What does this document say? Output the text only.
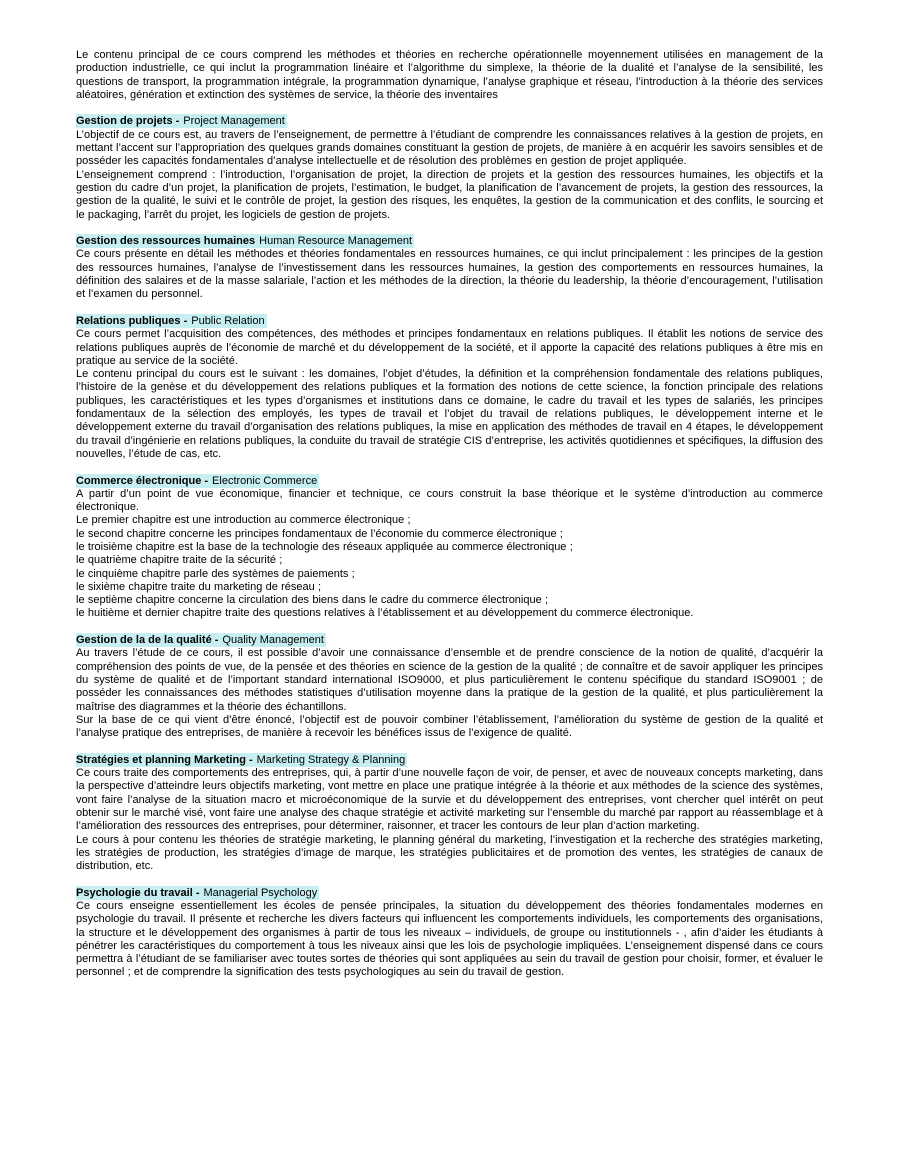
Le contenu principal de ce cours comprend les méthodes et théories en recherche opérationnelle moyennement utilisées en management de la production industrielle, ce qui inclut la programmation linéaire et l’algorithme du simplexe, la théorie de la dualité et l’analyse de la sensibilité, les questions de transport, la programmation intégrale, la programmation dynamique, l’analyse graphique et réseau, l’introduction à la théorie des services aléatoires, génération et extinction des systèmes de service, la théorie des inventaires

Gestion de projets - Project Management

L’objectif de ce cours est, au travers de l’enseignement, de permettre à l’étudiant de comprendre les connaissances relatives à la gestion de projets, en mettant l’accent sur l’appropriation des quelques grands domaines constituant la gestion de projets, de manière à en acquérir les savoirs sensibles et de posséder les capacités fondamentales d’analyse intellectuelle et de résolution des problèmes en gestion de projet appliquée.

L’enseignement comprend : l’introduction, l’organisation de projet, la direction de projets et la gestion des ressources humaines, les objectifs et la gestion du cadre d’un projet, la planification de projets, l’estimation, le budget, la planification de l’avancement de projets, la gestion des ressources, la gestion de la qualité, le suivi et le contrôle de projet, la gestion des risques, les enquêtes, la gestion de la communication et des conflits, le sourcing et le packaging, l’arrêt du projet, les logiciels de gestion de projets.

Gestion des ressources humaines Human Resource Management

Ce cours présente en détail les méthodes et théories fondamentales en ressources humaines, ce qui inclut principalement : les principes de la gestion des ressources humaines, l’analyse de l’investissement dans les ressources humaines, la gestion des comportements en ressources humaines, la définition des salaires et de la masse salariale, l’action et les méthodes de la direction, la théorie du leadership, la théorie d’encouragement, l’utilisation et l’examen du personnel.

Relations publiques - Public Relation

Ce cours permet l’acquisition des compétences, des méthodes et principes fondamentaux en relations publiques. Il établit les notions de service des relations publiques auprès de l’économie de marché et du développement de la société, et il apporte la capacité des relations publiques à être mis en pratique au service de la société.

Le contenu principal du cours est le suivant : les domaines, l’objet d’études, la définition et la compréhension fondamentale des relations publiques, l’histoire de la genèse et du développement des relations publiques et la formation des notions de cette science, la fonction principale des relations publiques, les caractéristiques et les types d’organismes et institutions dans ce domaine, le cadre du travail et les types de salariés, les principes fondamentaux de la sélection des employés, les types de travail et l’objet du travail de relations publiques, le développement interne et le développement externe du travail d’organisation des relations publiques, la mise en application des méthodes de travail en 4 étapes, le développement du travail d’ingénierie en relations publiques, la conduite du travail de stratégie CIS d’entreprise, les activités quotidiennes et spécifiques, la diffusion des nouvelles, l’étude de cas, etc.

Commerce électronique - Electronic Commerce

A partir d’un point de vue économique, financier et technique, ce cours construit la base théorique et le système d’introduction au commerce électronique.

Le premier chapitre est une introduction au commerce électronique ;

le second chapitre concerne les principes fondamentaux de l’économie du commerce électronique ;

le troisième chapitre est la base de la technologie des réseaux appliquée au commerce électronique ;

le quatrième chapitre traite de la sécurité ;

le cinquième chapitre parle des systèmes de paiements ;

le sixième chapitre traite du marketing de réseau ;

le septième chapitre concerne la circulation des biens dans le cadre du commerce électronique ;

le huitième et dernier chapitre traite des questions relatives à l’établissement et au développement du commerce électronique.

Gestion de la de la qualité - Quality Management

Au travers l’étude de ce cours, il est possible d’avoir une connaissance d’ensemble et de prendre conscience de la notion de qualité, d’acquérir la compréhension des points de vue, de la pensée et des théories en science de la gestion de la qualité ; de connaître et de savoir appliquer les principes du système de qualité et de l’important standard international ISO9000, et plus particulièrement le contenu spécifique du standard ISO9001 ; de posséder les connaissances des méthodes statistiques d’utilisation moyenne dans la pratique de la gestion de la qualité, et plus particulièrement la maîtrise des diagrammes et la théorie des échantillons.

Sur la base de ce qui vient d’être énoncé, l’objectif est de pouvoir combiner l’établissement, l’amélioration du système de gestion de la qualité et l’analyse pratique des entreprises, de manière à recevoir les bénéfices issus de l’exigence de qualité.

Stratégies et planning Marketing - Marketing Strategy & Planning

Ce cours traite des comportements des entreprises, qui, à partir d’une nouvelle façon de voir, de penser, et avec de nouveaux concepts marketing, dans la perspective d’atteindre leurs objectifs marketing, vont mettre en place une pratique intégrée à la théorie et aux méthodes de la science des systèmes, vont faire l’analyse de la situation macro et microéconomique de la survie et du développement des entreprises, vont chercher quel intérêt on peut obtenir sur le marché visé, vont faire une analyse des chaque stratégie et activité marketing sur l’ensemble du marché par rapport au réassemblage et à l’amélioration des ressources des entreprises, pour déterminer, raisonner, et tracer les contours de leur plan d’action marketing.

Le cours à pour contenu les théories de stratégie marketing, le planning général du marketing, l’investigation et la recherche des stratégies marketing, les stratégies de production, les stratégies d’image de marque, les stratégies publicitaires et de promotion des ventes, les stratégies de canaux de distribution, etc.

Psychologie du travail - Managerial Psychology

Ce cours enseigne essentiellement les écoles de pensée principales, la situation du développement des théories fondamentales modernes en psychologie du travail. Il présente et recherche les divers facteurs qui influencent les comportements individuels, les comportements des organisations, la structure et le développement des organismes à partir de tous les niveaux – individuels, de groupe ou institutionnels - , afin d’aider les étudiants à pénétrer les caractéristiques du comportement à tous les niveaux ainsi que les lois de psychologie impliquées. L’enseignement dispensé dans ce cours permettra à l’étudiant de se familiariser avec toutes sortes de théories qui sont appliquées au sein du travail de gestion pour choisir, former, et évaluer le personnel ; et de comprendre la signification des tests psychologiques au sein du travail de gestion.
